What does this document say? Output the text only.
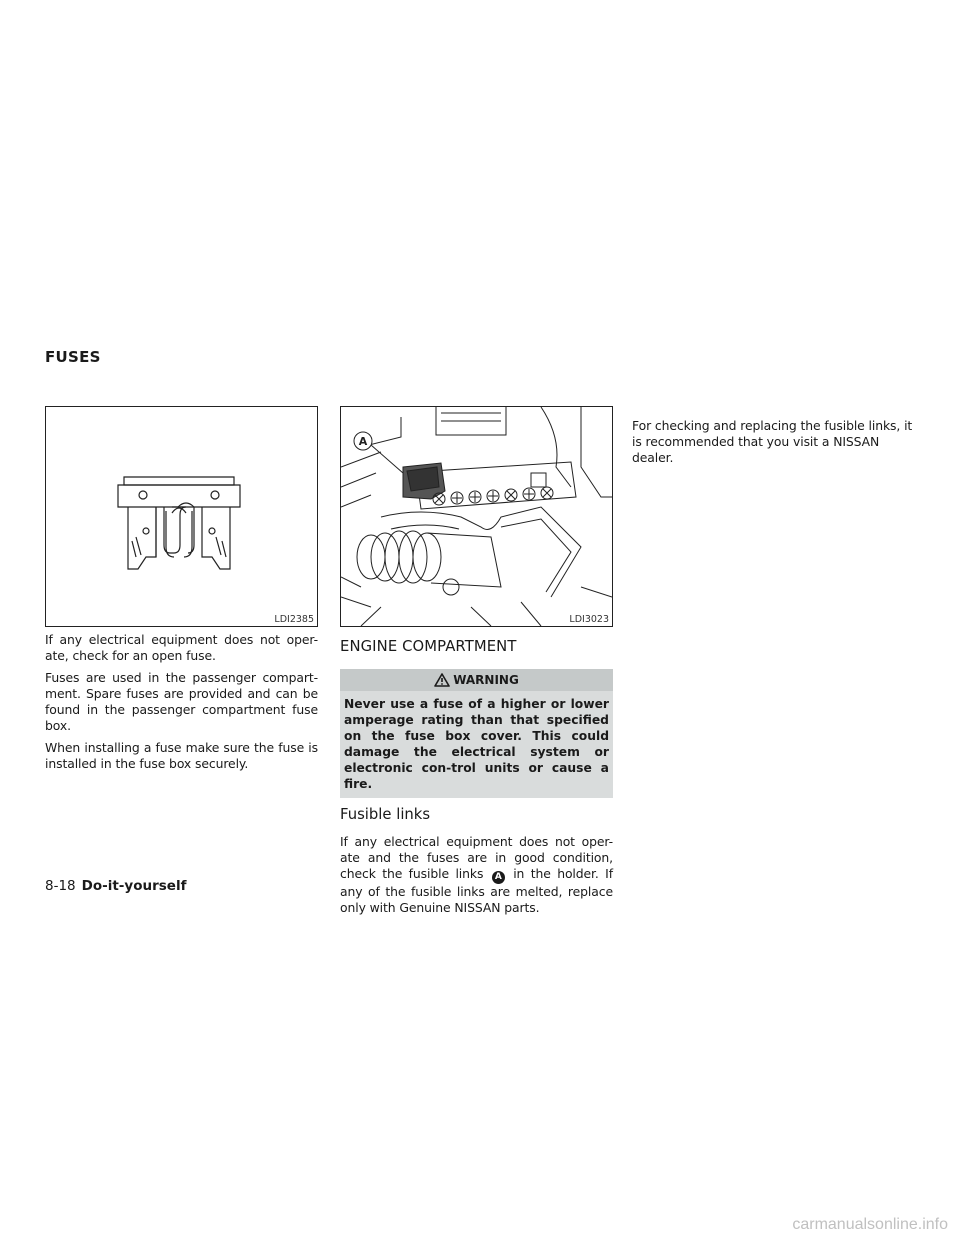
FUSES
LDI2385

If any electrical equipment does not oper-ate, check for an open fuse.

Fuses are used in the passenger compart-ment. Spare fuses are provided and can be found in the passenger compartment fuse box.

When installing a fuse make sure the fuse is installed in the fuse box securely.

A
LDI3023
ENGINE COMPARTMENT
WARNING
Never use a fuse of a higher or lower amperage rating than that specified on the fuse box cover. This could damage the electrical system or electronic con-trol units or cause a fire.
Fusible links

If any electrical equipment does not oper-ate and the fuses are in good condition, check the fusible links A in the holder. If any of the fusible links are melted, replace only with Genuine NISSAN parts.

For checking and replacing the fusible links, it is recommended that you visit a NISSAN dealer.

8-18 Do-it-yourself
carmanualsonline.info
